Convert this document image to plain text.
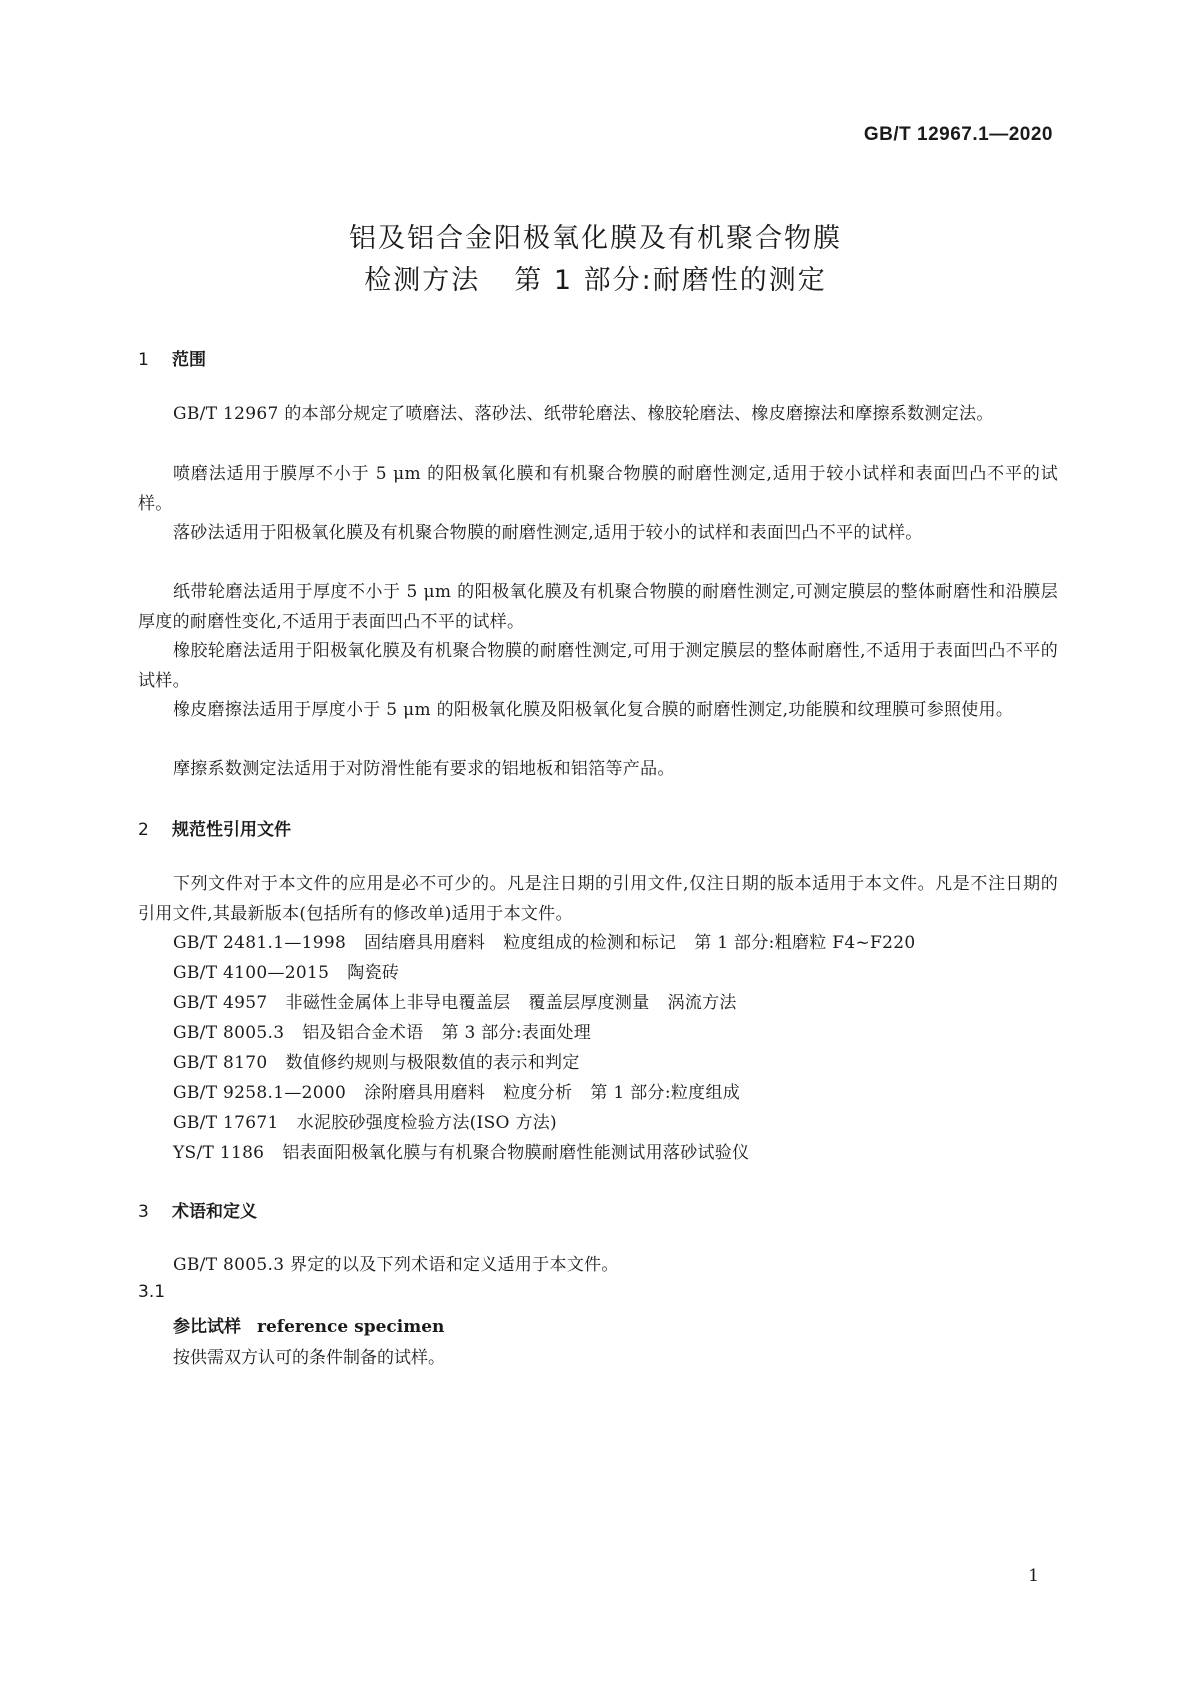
GB/T 12967.1—2020
铝及铝合金阳极氧化膜及有机聚合物膜
检测方法 第 1 部分:耐磨性的测定
1 范围
GB/T 12967 的本部分规定了喷磨法、落砂法、纸带轮磨法、橡胶轮磨法、橡皮磨擦法和摩擦系数测定法。
喷磨法适用于膜厚不小于 5 μm 的阳极氧化膜和有机聚合物膜的耐磨性测定,适用于较小试样和表面凹凸不平的试样。
落砂法适用于阳极氧化膜及有机聚合物膜的耐磨性测定,适用于较小的试样和表面凹凸不平的试样。
纸带轮磨法适用于厚度不小于 5 μm 的阳极氧化膜及有机聚合物膜的耐磨性测定,可测定膜层的整体耐磨性和沿膜层厚度的耐磨性变化,不适用于表面凹凸不平的试样。
橡胶轮磨法适用于阳极氧化膜及有机聚合物膜的耐磨性测定,可用于测定膜层的整体耐磨性,不适用于表面凹凸不平的试样。
橡皮磨擦法适用于厚度小于 5 μm 的阳极氧化膜及阳极氧化复合膜的耐磨性测定,功能膜和纹理膜可参照使用。
摩擦系数测定法适用于对防滑性能有要求的铝地板和铝箔等产品。
2 规范性引用文件
下列文件对于本文件的应用是必不可少的。凡是注日期的引用文件,仅注日期的版本适用于本文件。凡是不注日期的引用文件,其最新版本(包括所有的修改单)适用于本文件。
GB/T 2481.1—1998 固结磨具用磨料 粒度组成的检测和标记 第 1 部分:粗磨粒 F4~F220
GB/T 4100—2015 陶瓷砖
GB/T 4957 非磁性金属体上非导电覆盖层 覆盖层厚度测量 涡流方法
GB/T 8005.3 铝及铝合金术语 第 3 部分:表面处理
GB/T 8170 数值修约规则与极限数值的表示和判定
GB/T 9258.1—2000 涂附磨具用磨料 粒度分析 第 1 部分:粒度组成
GB/T 17671 水泥胶砂强度检验方法(ISO 方法)
YS/T 1186 铝表面阳极氧化膜与有机聚合物膜耐磨性能测试用落砂试验仪
3 术语和定义
GB/T 8005.3 界定的以及下列术语和定义适用于本文件。
3.1
参比试样 reference specimen
按供需双方认可的条件制备的试样。
1
